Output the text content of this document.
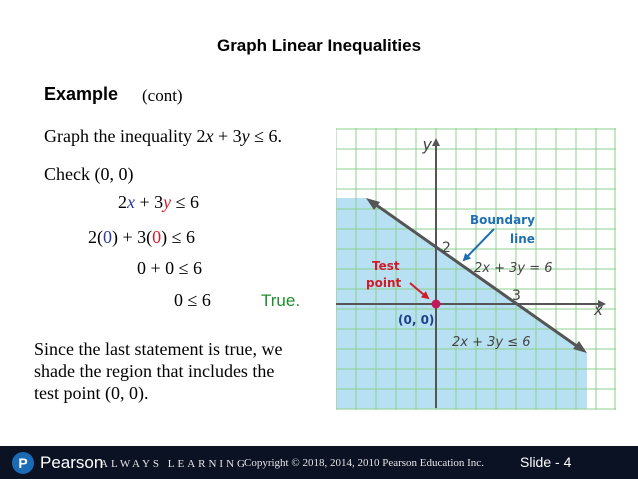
Graph Linear Inequalities
Example (cont)
Graph the inequality 2x + 3y ≤ 6.
Check (0, 0)
2x + 3y ≤ 6
2(0) + 3(0) ≤ 6
0 + 0 ≤ 6
0 ≤ 6	True.
Since the last statement is true, we
shade the region that includes the
test point (0, 0).
y
x
2
3
Boundary
line
2x + 3y = 6
Test
point
(0, 0)
2x + 3y ≤ 6
P Pearson
ALWAYS LEARNING
Copyright © 2018, 2014, 2010 Pearson Education Inc.	Slide - 4
